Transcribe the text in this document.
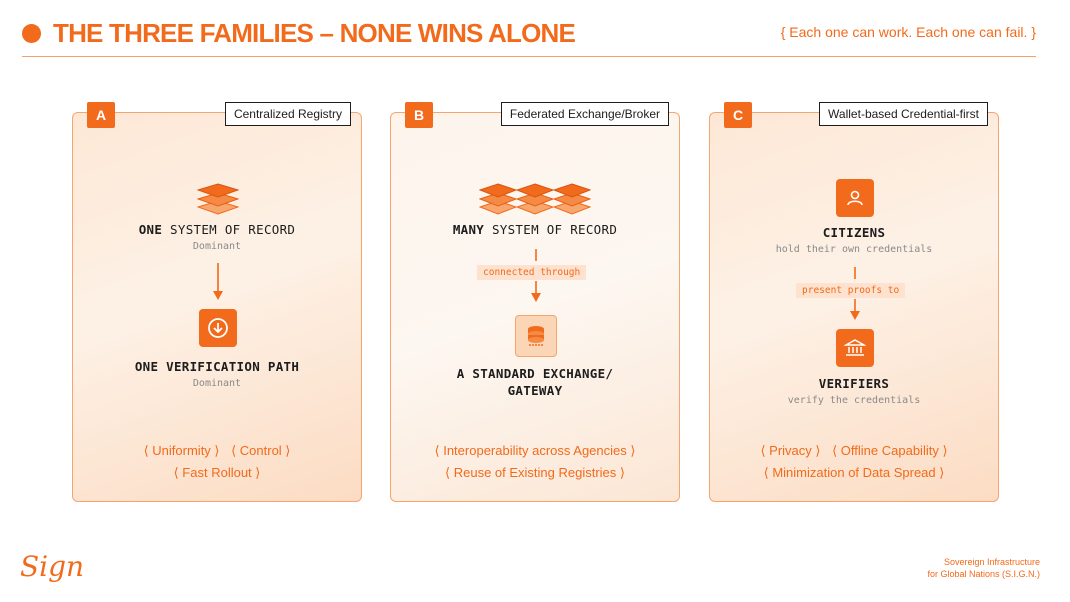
THE THREE FAMILIES – NONE WINS ALONE	{ Each one can work. Each one can fail. }
A	Centralized Registry
ONE SYSTEM OF RECORD
Dominant
ONE VERIFICATION PATH
Dominant
⟨ Uniformity ⟩ ⟨ Control ⟩
⟨ Fast Rollout ⟩
B	Federated Exchange/Broker
MANY SYSTEM OF RECORD
connected through
A STANDARD EXCHANGE/
GATEWAY
⟨ Interoperability across Agencies ⟩
⟨ Reuse of Existing Registries ⟩
C	Wallet-based Credential-first
CITIZENS
hold their own credentials
present proofs to
VERIFIERS
verify the credentials
⟨ Privacy ⟩ ⟨ Offline Capability ⟩
⟨ Minimization of Data Spread ⟩
Sign	Sovereign Infrastructure
for Global Nations (S.I.G.N.)
